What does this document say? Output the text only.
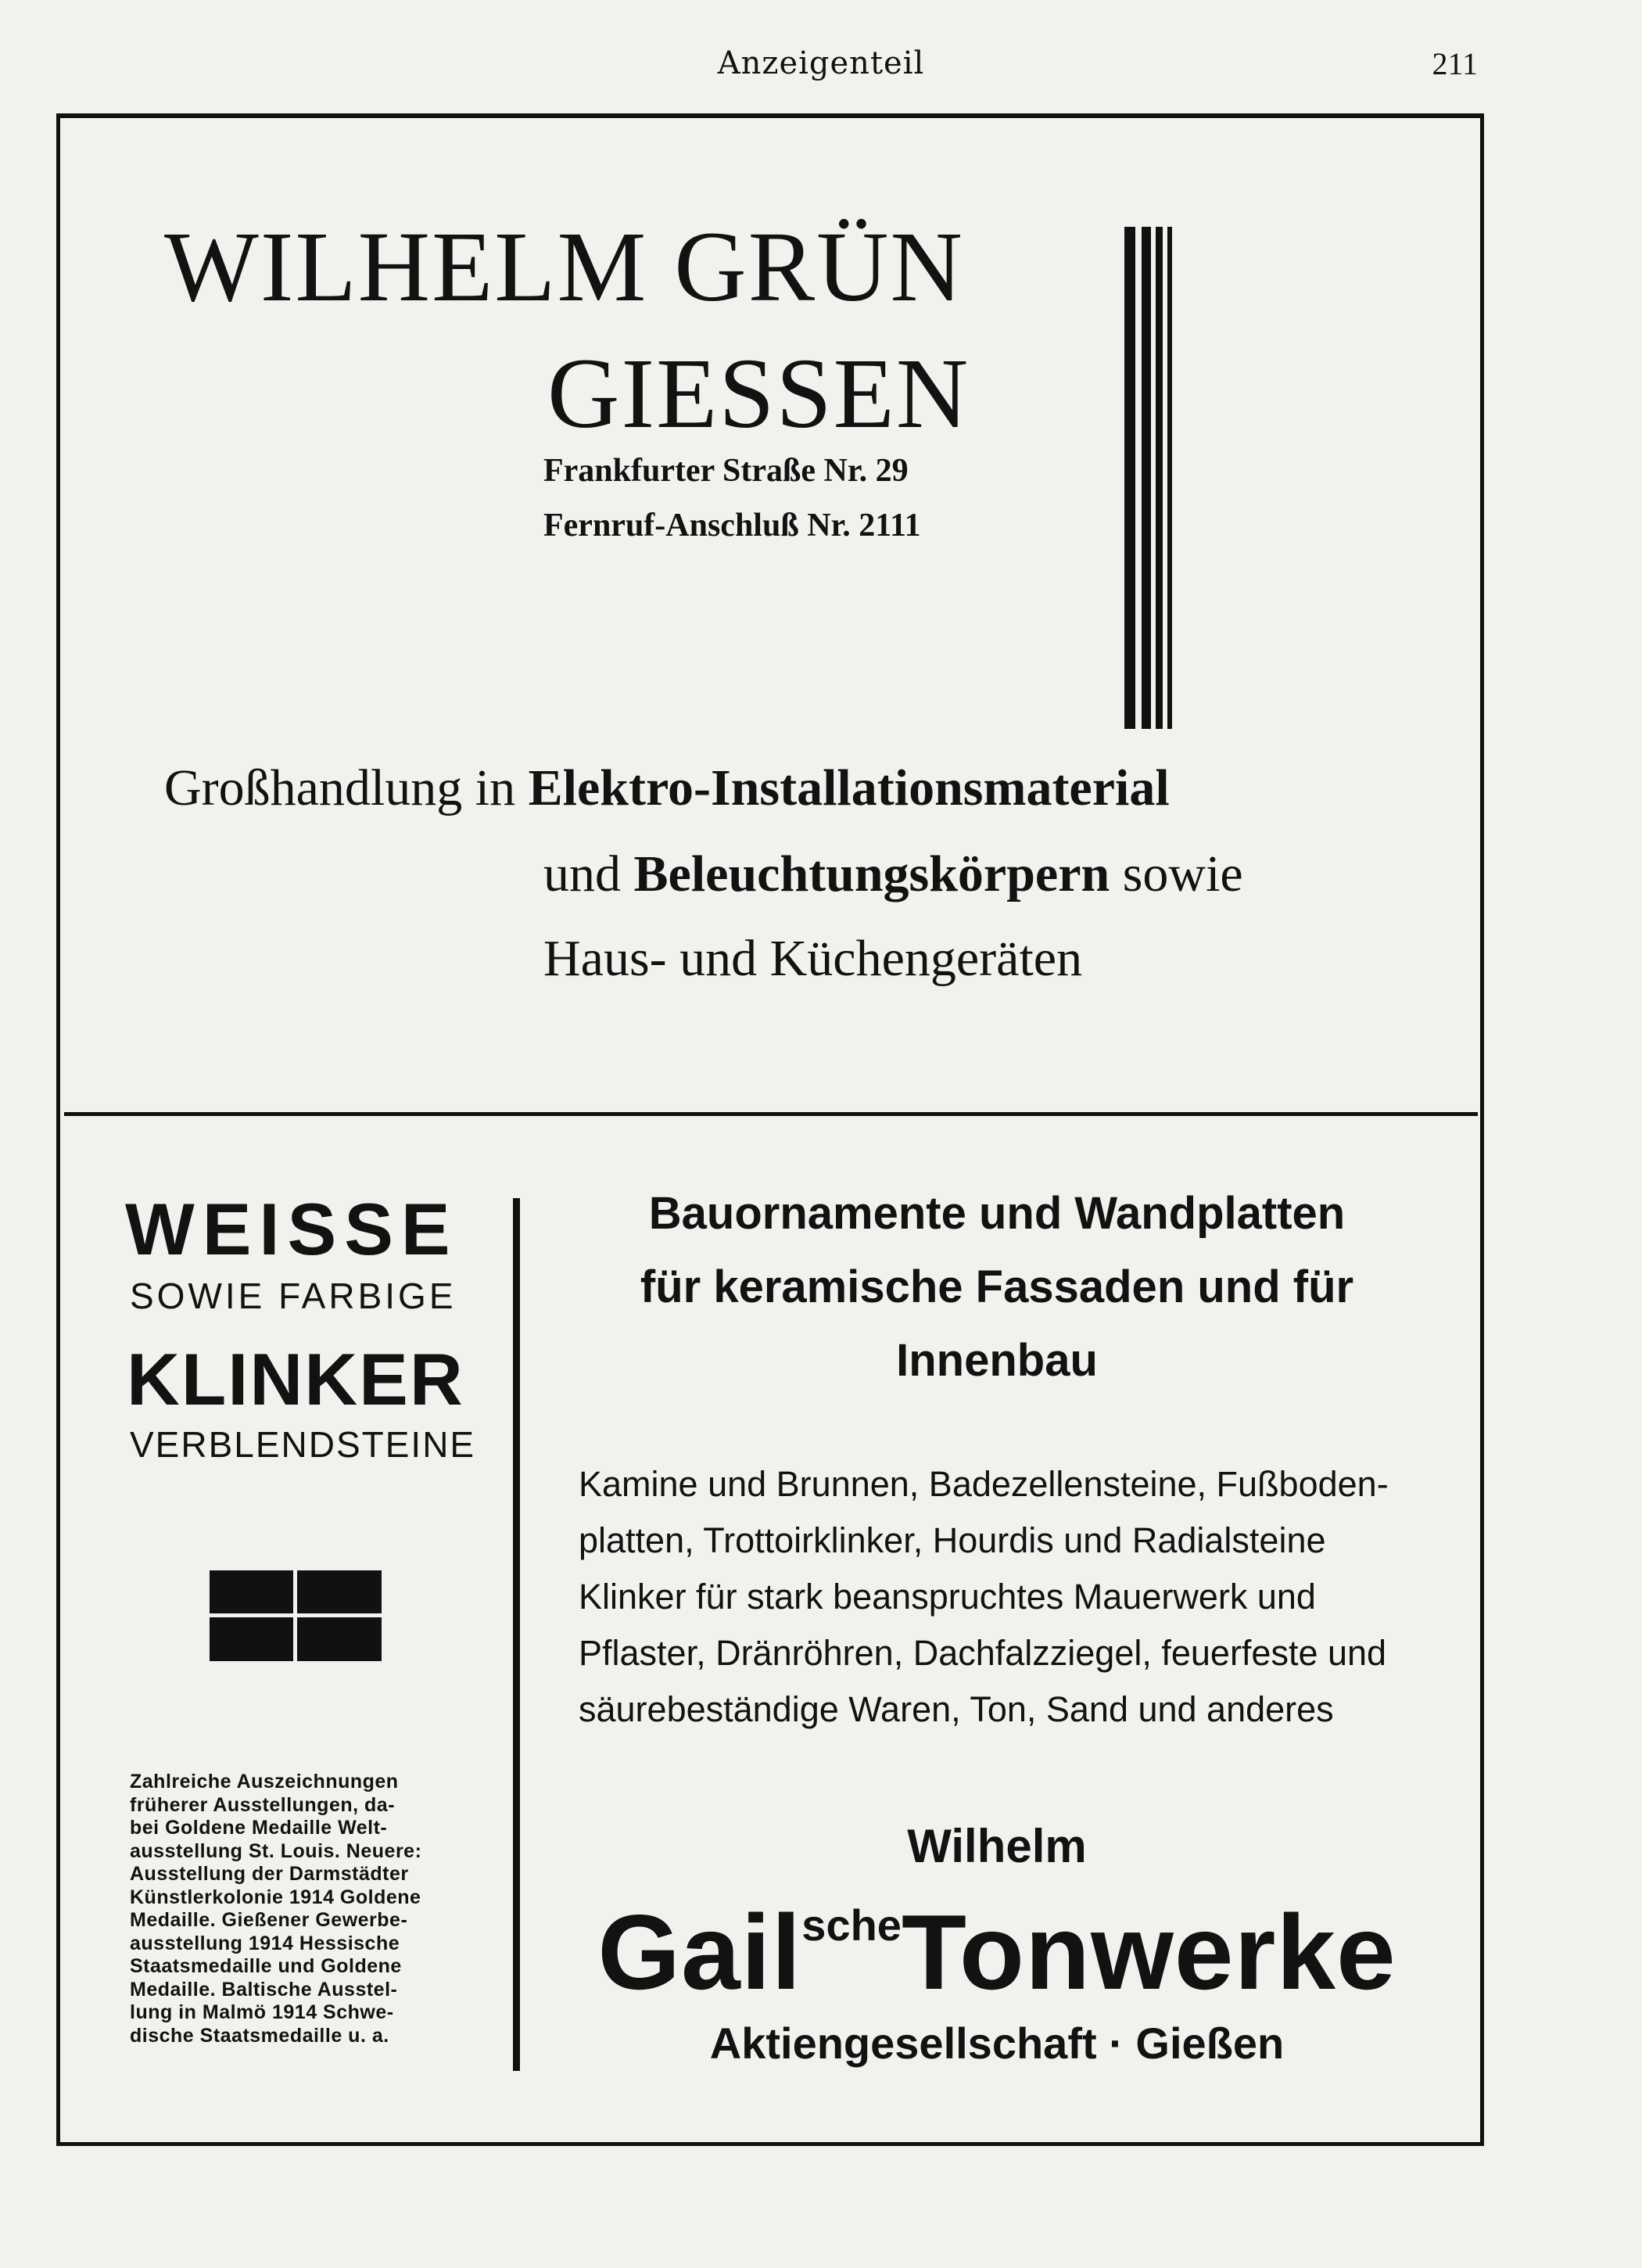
Anzeigenteil	211
WILHELM GRÜN
GIESSEN
Frankfurter Straße Nr. 29
Fernruf-Anschluß Nr. 2111
Großhandlung in Elektro-Installationsmaterial
und Beleuchtungskörpern sowie
Haus- und Küchengeräten
WEISSE
SOWIE FARBIGE
KLINKER
VERBLENDSTEINE
Zahlreiche Auszeichnungen
früherer Ausstellungen, da-
bei Goldene Medaille Welt-
ausstellung St. Louis. Neuere:
Ausstellung der Darmstädter
Künstlerkolonie 1914 Goldene
Medaille. Gießener Gewerbe-
ausstellung 1914 Hessische
Staatsmedaille und Goldene
Medaille. Baltische Ausstel-
lung in Malmö 1914 Schwe-
dische Staatsmedaille u. a.
Bauornamente und Wandplatten
für keramische Fassaden und für
Innenbau
Kamine und Brunnen, Badezellensteine, Fußboden-
platten, Trottoirklinker, Hourdis und Radialsteine
Klinker für stark beanspruchtes Mauerwerk und
Pflaster, Dränröhren, Dachfalzziegel, feuerfeste und
säurebeständige Waren, Ton, Sand und anderes
Wilhelm
GailscheTonwerke
Aktiengesellschaft · Gießen
